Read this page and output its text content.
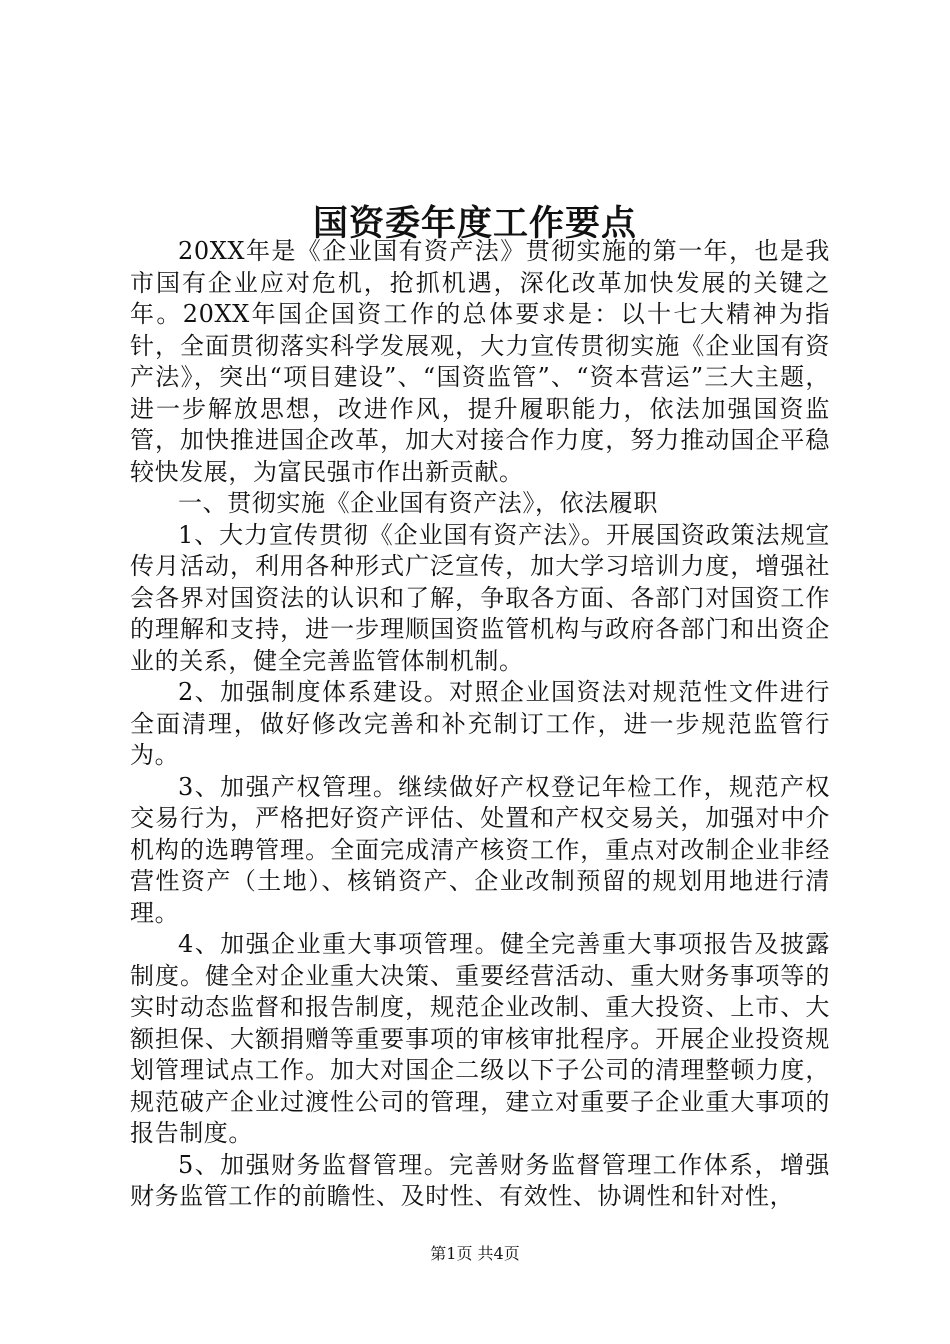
国资委年度工作要点

20XX年是《企业国有资产法》贯彻实施的第一年，也是我市国有企业应对危机，抢抓机遇，深化改革加快发展的关键之年。20XX年国企国资工作的总体要求是：以十七大精神为指针，全面贯彻落实科学发展观，大力宣传贯彻实施《企业国有资产法》，突出“项目建设”、“国资监管”、“资本营运”三大主题，进一步解放思想，改进作风，提升履职能力，依法加强国资监管，加快推进国企改革，加大对接合作力度，努力推动国企平稳较快发展，为富民强市作出新贡献。

一、贯彻实施《企业国有资产法》，依法履职

1、大力宣传贯彻《企业国有资产法》。开展国资政策法规宣传月活动，利用各种形式广泛宣传，加大学习培训力度，增强社会各界对国资法的认识和了解，争取各方面、各部门对国资工作的理解和支持，进一步理顺国资监管机构与政府各部门和出资企业的关系，健全完善监管体制机制。

2、加强制度体系建设。对照企业国资法对规范性文件进行全面清理，做好修改完善和补充制订工作，进一步规范监管行为。

3、加强产权管理。继续做好产权登记年检工作，规范产权交易行为，严格把好资产评估、处置和产权交易关，加强对中介机构的选聘管理。全面完成清产核资工作，重点对改制企业非经营性资产（土地）、核销资产、企业改制预留的规划用地进行清理。

4、加强企业重大事项管理。健全完善重大事项报告及披露制度。健全对企业重大决策、重要经营活动、重大财务事项等的实时动态监督和报告制度，规范企业改制、重大投资、上市、大额担保、大额捐赠等重要事项的审核审批程序。开展企业投资规划管理试点工作。加大对国企二级以下子公司的清理整顿力度，规范破产企业过渡性公司的管理，建立对重要子企业重大事项的报告制度。

5、加强财务监督管理。完善财务监督管理工作体系，增强财务监管工作的前瞻性、及时性、有效性、协调性和针对性，

第1页 共4页
